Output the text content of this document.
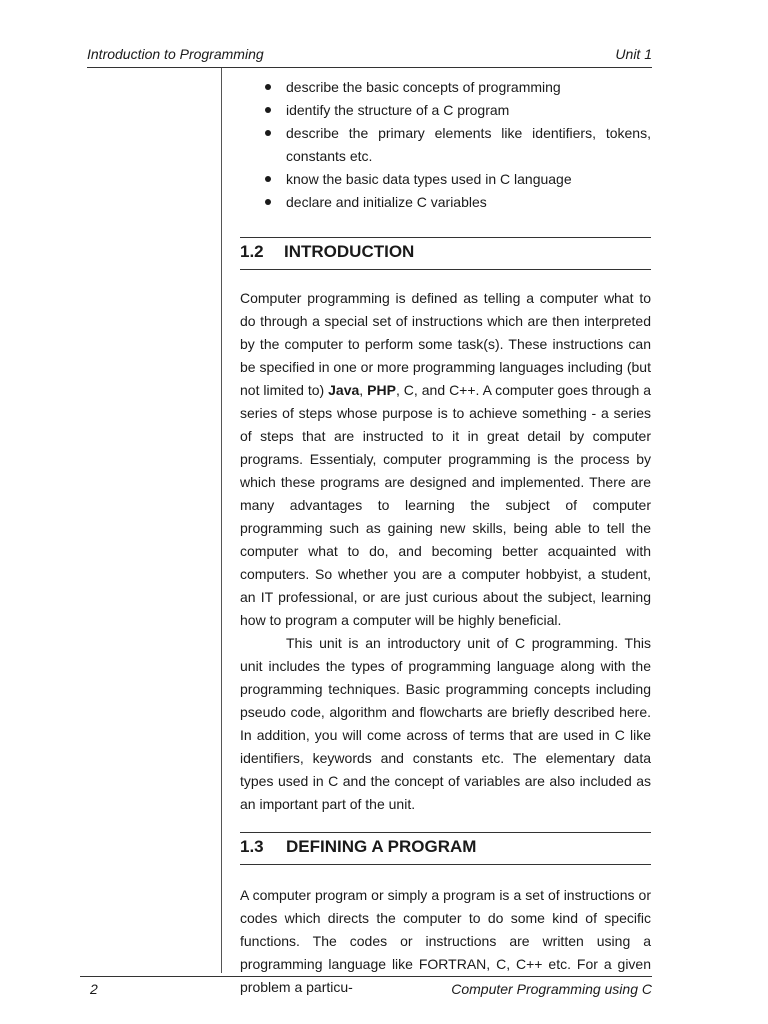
Introduction to Programming	Unit 1
describe the basic concepts of programming
identify the structure of a C program
describe the primary elements like identifiers, tokens, constants etc.
know the basic data types used in C language
declare and initialize C variables
1.2 INTRODUCTION

Computer programming is defined as telling a computer what to do through a special set of instructions which are then interpreted by the computer to perform some task(s). These instructions can be specified in one or more programming languages including (but not limited to) Java, PHP, C, and C++. A computer goes through a series of steps whose purpose is to achieve something - a series of steps that are instructed to it in great detail by computer programs. Essentialy, computer programming is the process by which these programs are designed and implemented. There are many advantages to learning the subject of computer programming such as gaining new skills, being able to tell the computer what to do, and becoming better acquainted with computers. So whether you are a computer hobbyist, a student, an IT professional, or are just curious about the subject, learning how to program a computer will be highly beneficial.

This unit is an introductory unit of C programming. This unit includes the types of programming language along with the programming techniques. Basic programming concepts including pseudo code, algorithm and flowcharts are briefly described here. In addition, you will come across of terms that are used in C like identifiers, keywords and constants etc. The elementary data types used in C and the concept of variables are also included as an important part of the unit.

1.3 DEFINING A PROGRAM

A computer program or simply a program is a set of instructions or codes which directs the computer to do some kind of specific functions. The codes or instructions are written using a programming language like FORTRAN, C, C++ etc. For a given problem a particu-

2	Computer Programming using C
